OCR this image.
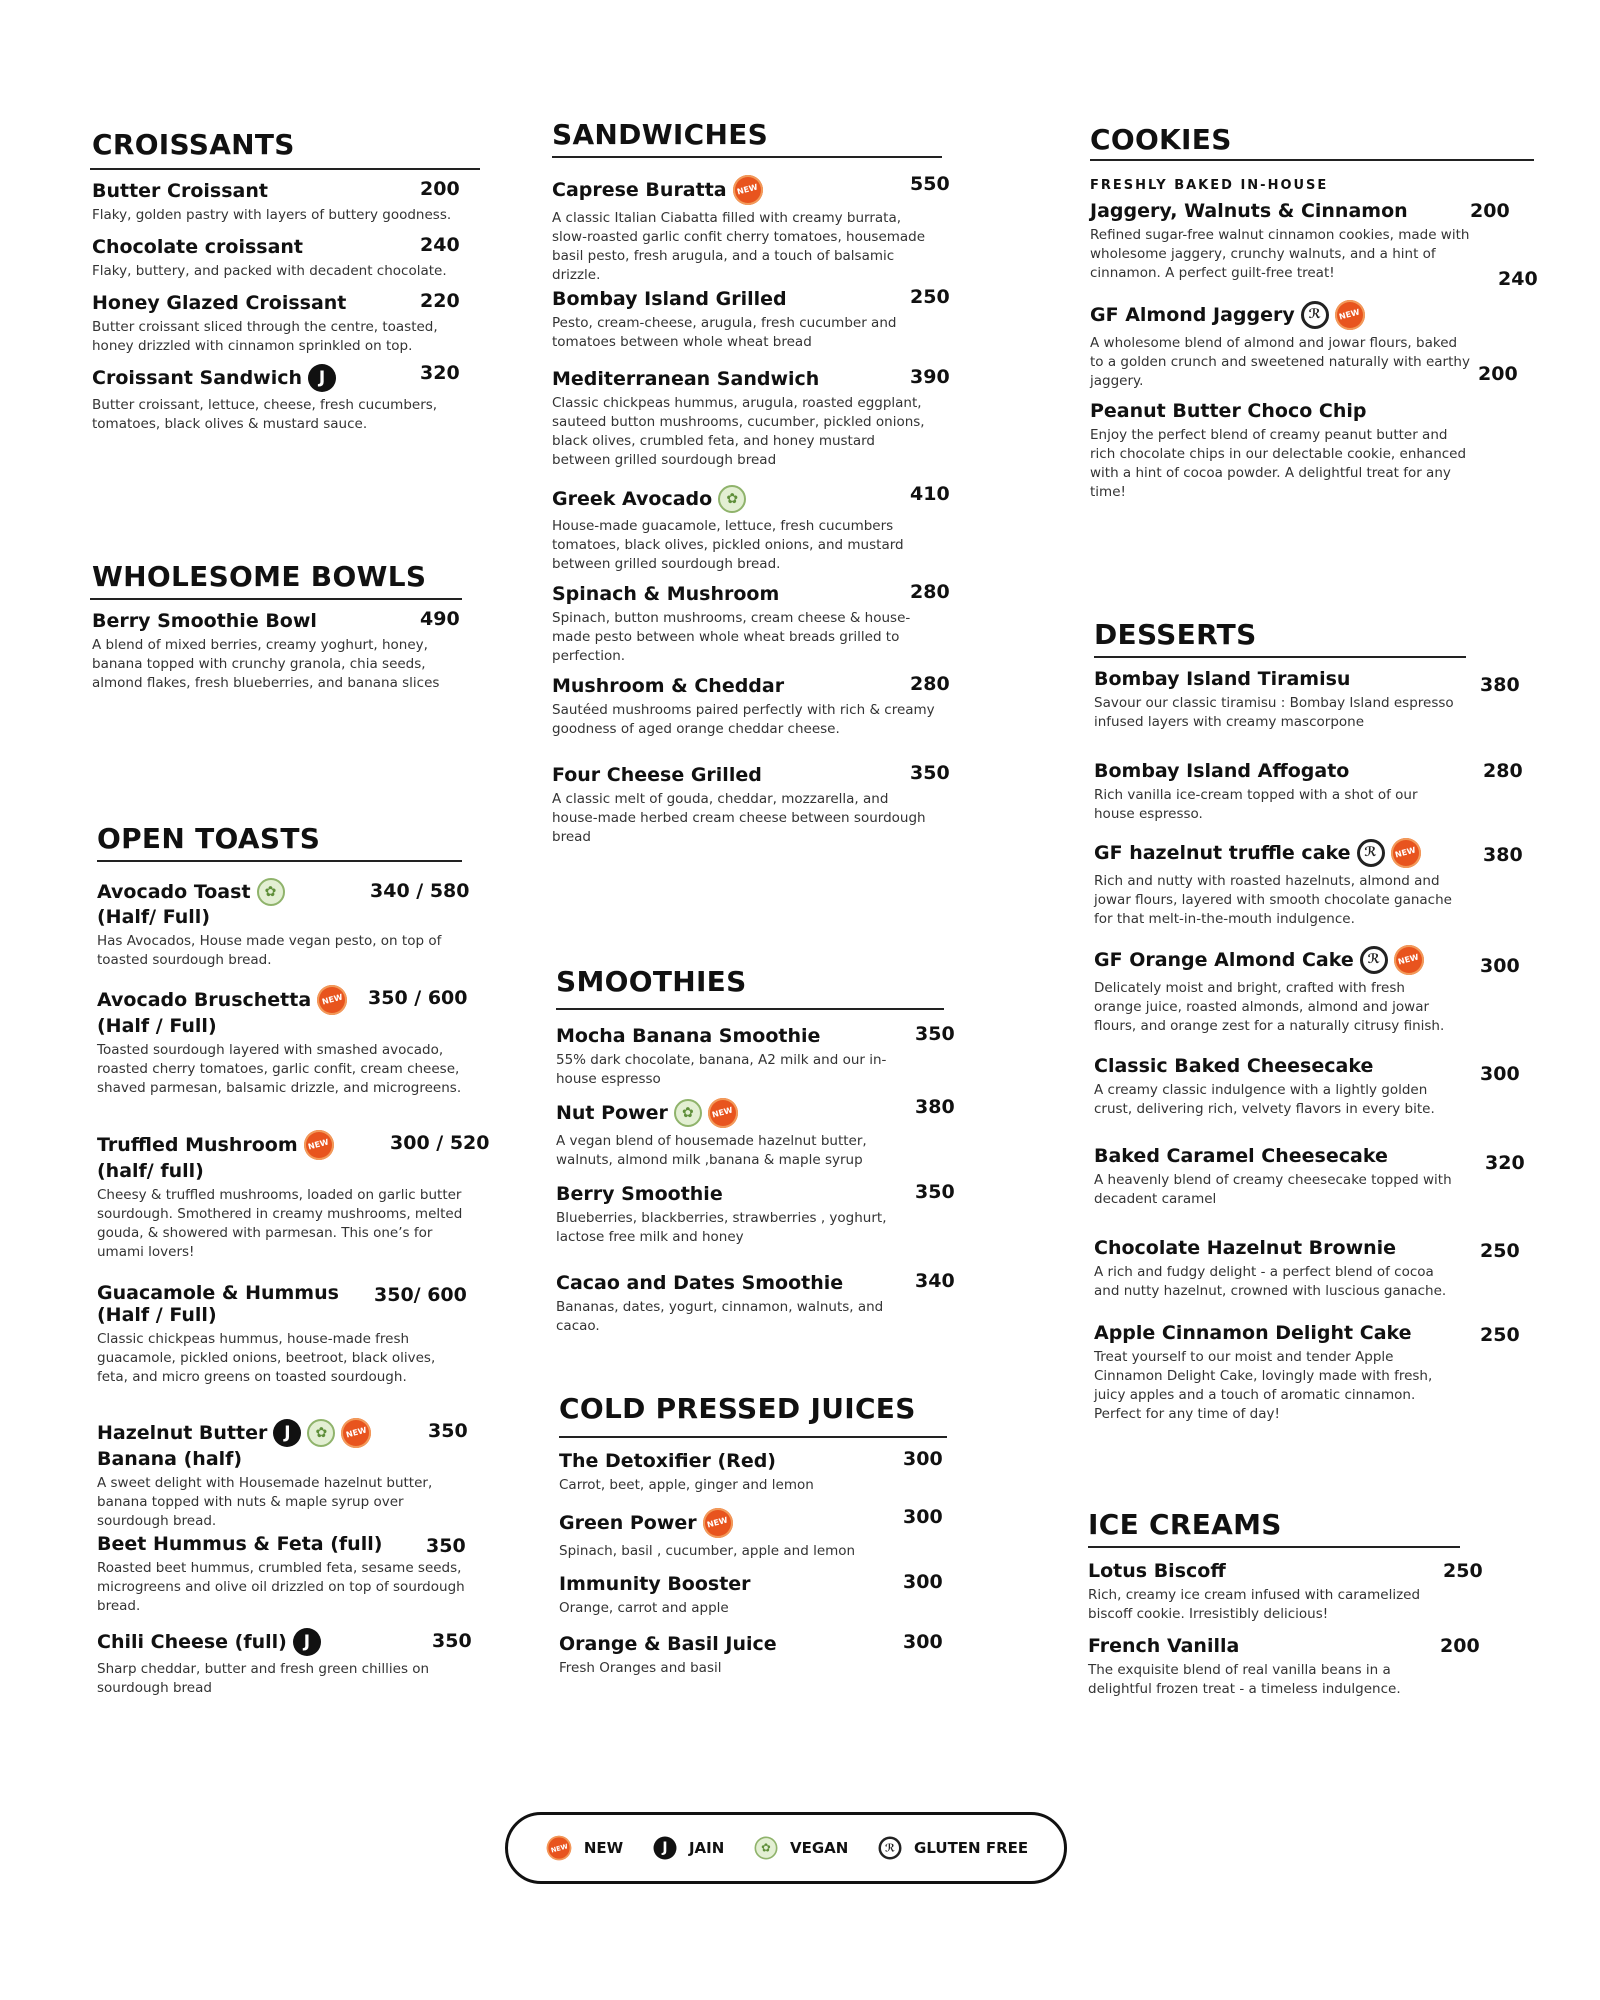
CROISSANTS
Butter Croissant
Flaky, golden pastry with layers of buttery goodness.
200
Chocolate croissant
Flaky, buttery, and packed with decadent chocolate.
240
Honey Glazed Croissant
Butter croissant sliced through the centre, toasted, honey drizzled with cinnamon sprinkled on top.
220
Croissant Sandwich J
Butter croissant, lettuce, cheese, fresh cucumbers, tomatoes, black olives & mustard sauce.
320
WHOLESOME BOWLS
Berry Smoothie Bowl
A blend of mixed berries, creamy yoghurt, honey, banana topped with crunchy granola, chia seeds, almond flakes, fresh blueberries, and banana slices
490
OPEN TOASTS
Avocado Toast	✿
(Half/ Full)
Has Avocados, House made vegan pesto, on top of toasted sourdough bread.
340 / 580
Avocado Bruschetta NEW
(Half / Full)
Toasted sourdough layered with smashed avocado, roasted cherry tomatoes, garlic confit, cream cheese, shaved parmesan, balsamic drizzle, and microgreens.
350 / 600
Truffled Mushroom NEW
(half/ full)
Cheesy & truffled mushrooms, loaded on garlic butter sourdough. Smothered in creamy mushrooms, melted gouda, & showered with parmesan. This one’s for umami lovers!
300 / 520
Guacamole & Hummus
(Half / Full)
Classic chickpeas hummus, house-made fresh guacamole, pickled onions, beetroot, black olives, feta, and micro greens on toasted sourdough.
350/ 600
Hazelnut Butter J	✿	NEW
Banana (half)
A sweet delight with Housemade hazelnut butter, banana topped with nuts & maple syrup over sourdough bread.
350
Beet Hummus & Feta (full)
Roasted beet hummus, crumbled feta, sesame seeds, microgreens and olive oil drizzled on top of sourdough bread.
350
Chili Cheese (full) J
Sharp cheddar, butter and fresh green chillies on sourdough bread
350
SANDWICHES
Caprese Buratta NEW
A classic Italian Ciabatta filled with creamy burrata, slow-roasted garlic confit cherry tomatoes, housemade basil pesto, fresh arugula, and a touch of balsamic drizzle.
550
Bombay Island Grilled
Pesto, cream-cheese, arugula, fresh cucumber and tomatoes between whole wheat bread
250
Mediterranean Sandwich
Classic chickpeas hummus, arugula, roasted eggplant, sauteed button mushrooms, cucumber, pickled onions, black olives, crumbled feta, and honey mustard between grilled sourdough bread
390
Greek Avocado	✿
House-made guacamole, lettuce, fresh cucumbers tomatoes, black olives, pickled onions, and mustard between grilled sourdough bread.
410
Spinach & Mushroom
Spinach, button mushrooms, cream cheese & house-made pesto between whole wheat breads grilled to perfection.
280
Mushroom & Cheddar
Sautéed mushrooms paired perfectly with rich & creamy goodness of aged orange cheddar cheese.
280
Four Cheese Grilled
A classic melt of gouda, cheddar, mozzarella, and house-made herbed cream cheese between sourdough bread
350
SMOOTHIES
Mocha Banana Smoothie
55% dark chocolate, banana, A2 milk and our in-house espresso
350
Nut Power	✿	NEW
A vegan blend of housemade hazelnut butter, walnuts, almond milk ,banana & maple syrup
380
Berry Smoothie
Blueberries, blackberries, strawberries , yoghurt, lactose free milk and honey
350
Cacao and Dates Smoothie
Bananas, dates, yogurt, cinnamon, walnuts, and cacao.
340
COLD PRESSED JUICES
The Detoxifier (Red)
Carrot, beet, apple, ginger and lemon
300
Green Power NEW
Spinach, basil , cucumber, apple and lemon
300
Immunity Booster
Orange, carrot and apple
300
Orange & Basil Juice
Fresh Oranges and basil
300
COOKIES
FRESHLY BAKED IN-HOUSE
Jaggery, Walnuts & Cinnamon
Refined sugar-free walnut cinnamon cookies, made with wholesome jaggery, crunchy walnuts, and a hint of cinnamon. A perfect guilt-free treat!
200
GF Almond Jaggery	ℛ	NEW
A wholesome blend of almond and jowar flours, baked to a golden crunch and sweetened naturally with earthy jaggery.
240
Peanut Butter Choco Chip
Enjoy the perfect blend of creamy peanut butter and rich chocolate chips in our delectable cookie, enhanced with a hint of cocoa powder. A delightful treat for any time!
200
DESSERTS
Bombay Island Tiramisu
Savour our classic tiramisu : Bombay Island espresso infused layers with creamy mascorpone
380
Bombay Island Affogato
Rich vanilla ice-cream topped with a shot of our house espresso.
280
GF hazelnut truffle cake	ℛ	NEW
Rich and nutty with roasted hazelnuts, almond and jowar flours, layered with smooth chocolate ganache for that melt-in-the-mouth indulgence.
380
GF Orange Almond Cake	ℛ	NEW
Delicately moist and bright, crafted with fresh orange juice, roasted almonds, almond and jowar flours, and orange zest for a naturally citrusy finish.
300
Classic Baked Cheesecake
A creamy classic indulgence with a lightly golden crust, delivering rich, velvety flavors in every bite.
300
Baked Caramel Cheesecake
A heavenly blend of creamy cheesecake topped with decadent caramel
320
Chocolate Hazelnut Brownie
A rich and fudgy delight - a perfect blend of cocoa and nutty hazelnut, crowned with luscious ganache.
250
Apple Cinnamon Delight Cake
Treat yourself to our moist and tender Apple Cinnamon Delight Cake, lovingly made with fresh, juicy apples and a touch of aromatic cinnamon. Perfect for any time of day!
250
ICE CREAMS
Lotus Biscoff
Rich, creamy ice cream infused with caramelized biscoff cookie. Irresistibly delicious!
250
French Vanilla
The exquisite blend of real vanilla beans in a delightful frozen treat - a timeless indulgence.
200
NEW NEW	J	JAIN	✿	VEGAN	ℛ	GLUTEN FREE
